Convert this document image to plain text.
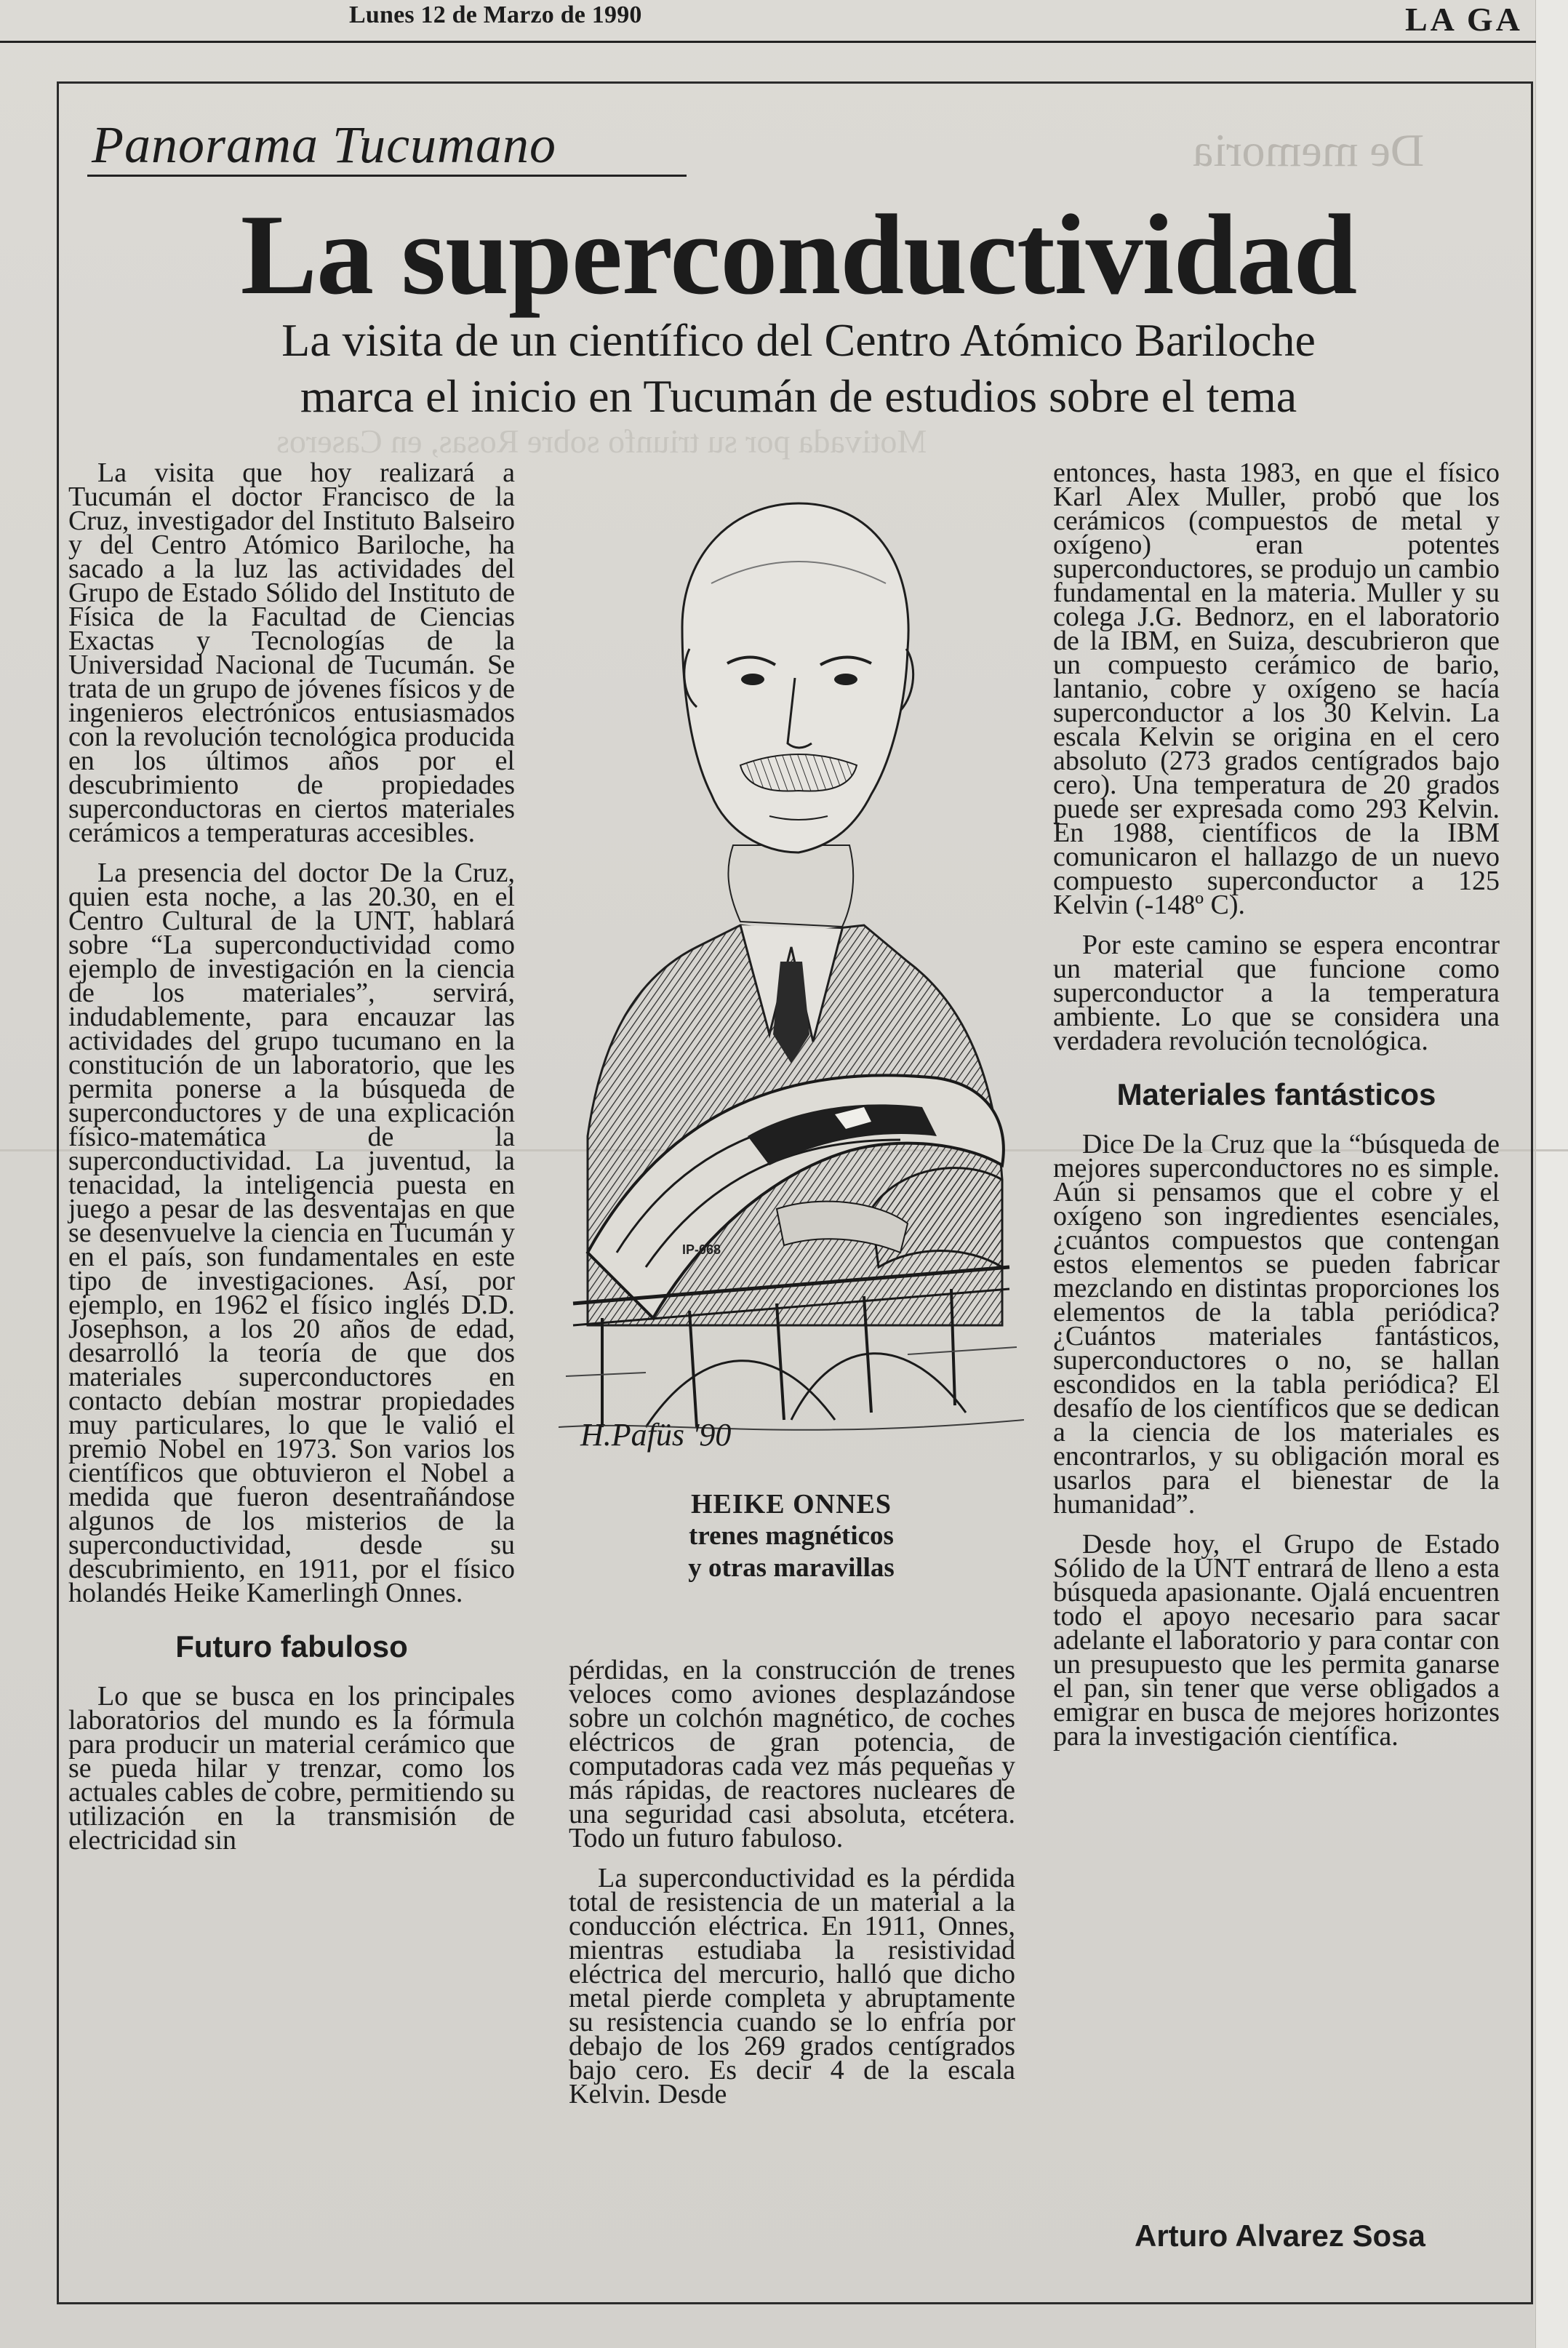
De memoria
Motivada por su triunfo sobre Rosas, en Caseros
Lunes 12 de Marzo de 1990	LA GA
Panorama Tucumano
La superconductividad
La visita de un científico del Centro Atómico Bariloche
marca el inicio en Tucumán de estudios sobre el tema

La visita que hoy realizará a Tucumán el doctor Francisco de la Cruz, investigador del Instituto Balseiro y del Centro Atómico Bariloche, ha sacado a la luz las actividades del Grupo de Estado Sólido del Instituto de Física de la Facultad de Ciencias Exactas y Tecnologías de la Universidad Nacional de Tucumán. Se trata de un grupo de jóvenes físicos y de ingenieros electrónicos entusiasmados con la revolución tecnológica producida en los últimos años por el descubrimiento de propiedades superconductoras en ciertos materiales cerámicos a temperaturas accesibles.

La presencia del doctor De la Cruz, quien esta noche, a las 20.30, en el Centro Cultural de la UNT, hablará sobre “La superconductividad como ejemplo de investigación en la ciencia de los materiales”, servirá, indudablemente, para encauzar las actividades del grupo tucumano en la constitución de un laboratorio, que les permita ponerse a la búsqueda de superconductores y de una explicación físico-matemática de la superconductividad. La juventud, la tenacidad, la inteligencia puesta en juego a pesar de las desventajas en que se desenvuelve la ciencia en Tucumán y en el país, son fundamentales en este tipo de investigaciones. Así, por ejemplo, en 1962 el físico inglés D.D. Josephson, a los 20 años de edad, desarrolló la teoría de que dos materiales superconductores en contacto debían mostrar propiedades muy particulares, lo que le valió el premio Nobel en 1973. Son varios los científicos que obtuvieron el Nobel a medida que fueron desentrañándose algunos de los misterios de la superconductividad, desde su descubrimiento, en 1911, por el físico holandés Heike Kamerlingh Onnes.

Futuro fabuloso

Lo que se busca en los principales laboratorios del mundo es la fórmula para producir un material cerámico que se pueda hilar y trenzar, como los actuales cables de cobre, permitiendo su utilización en la transmisión de electricidad sin

IP-068
H.Pafüs '90
HEIKE ONNES
trenes magnéticos
y otras maravillas

pérdidas, en la construcción de trenes veloces como aviones desplazándose sobre un colchón magnético, de coches eléctricos de gran potencia, de computadoras cada vez más pequeñas y más rápidas, de reactores nucleares de una seguridad casi absoluta, etcétera. Todo un futuro fabuloso.

La superconductividad es la pérdida total de resistencia de un material a la conducción eléctrica. En 1911, Onnes, mientras estudiaba la resistividad eléctrica del mercurio, halló que dicho metal pierde completa y abruptamente su resistencia cuando se lo enfría por debajo de los 269 grados centígrados bajo cero. Es decir 4 de la escala Kelvin. Desde

entonces, hasta 1983, en que el físico Karl Alex Muller, probó que los cerámicos (compuestos de metal y oxígeno) eran potentes superconductores, se produjo un cambio fundamental en la materia. Muller y su colega J.G. Bednorz, en el laboratorio de la IBM, en Suiza, descubrieron que un compuesto cerámico de bario, lantanio, cobre y oxígeno se hacía superconductor a los 30 Kelvin. La escala Kelvin se origina en el cero absoluto (273 grados centígrados bajo cero). Una temperatura de 20 grados puede ser expresada como 293 Kelvin. En 1988, científicos de la IBM comunicaron el hallazgo de un nuevo compuesto superconductor a 125 Kelvin (-148º C).

Por este camino se espera encontrar un material que funcione como superconductor a la temperatura ambiente. Lo que se considera una verdadera revolución tecnológica.

Materiales fantásticos

Dice De la Cruz que la “búsqueda de mejores superconductores no es simple. Aún si pensamos que el cobre y el oxígeno son ingredientes esenciales, ¿cuántos compuestos que contengan estos elementos se pueden fabricar mezclando en distintas proporciones los elementos de la tabla periódica? ¿Cuántos materiales fantásticos, superconductores o no, se hallan escondidos en la tabla periódica? El desafío de los científicos que se dedican a la ciencia de los materiales es encontrarlos, y su obligación moral es usarlos para el bienestar de la humanidad”.

Desde hoy, el Grupo de Estado Sólido de la UNT entrará de lleno a esta búsqueda apasionante. Ojalá encuentren todo el apoyo necesario para sacar adelante el laboratorio y para contar con un presupuesto que les permita ganarse el pan, sin tener que verse obligados a emigrar en busca de mejores horizontes para la investigación científica.

Arturo Alvarez Sosa
